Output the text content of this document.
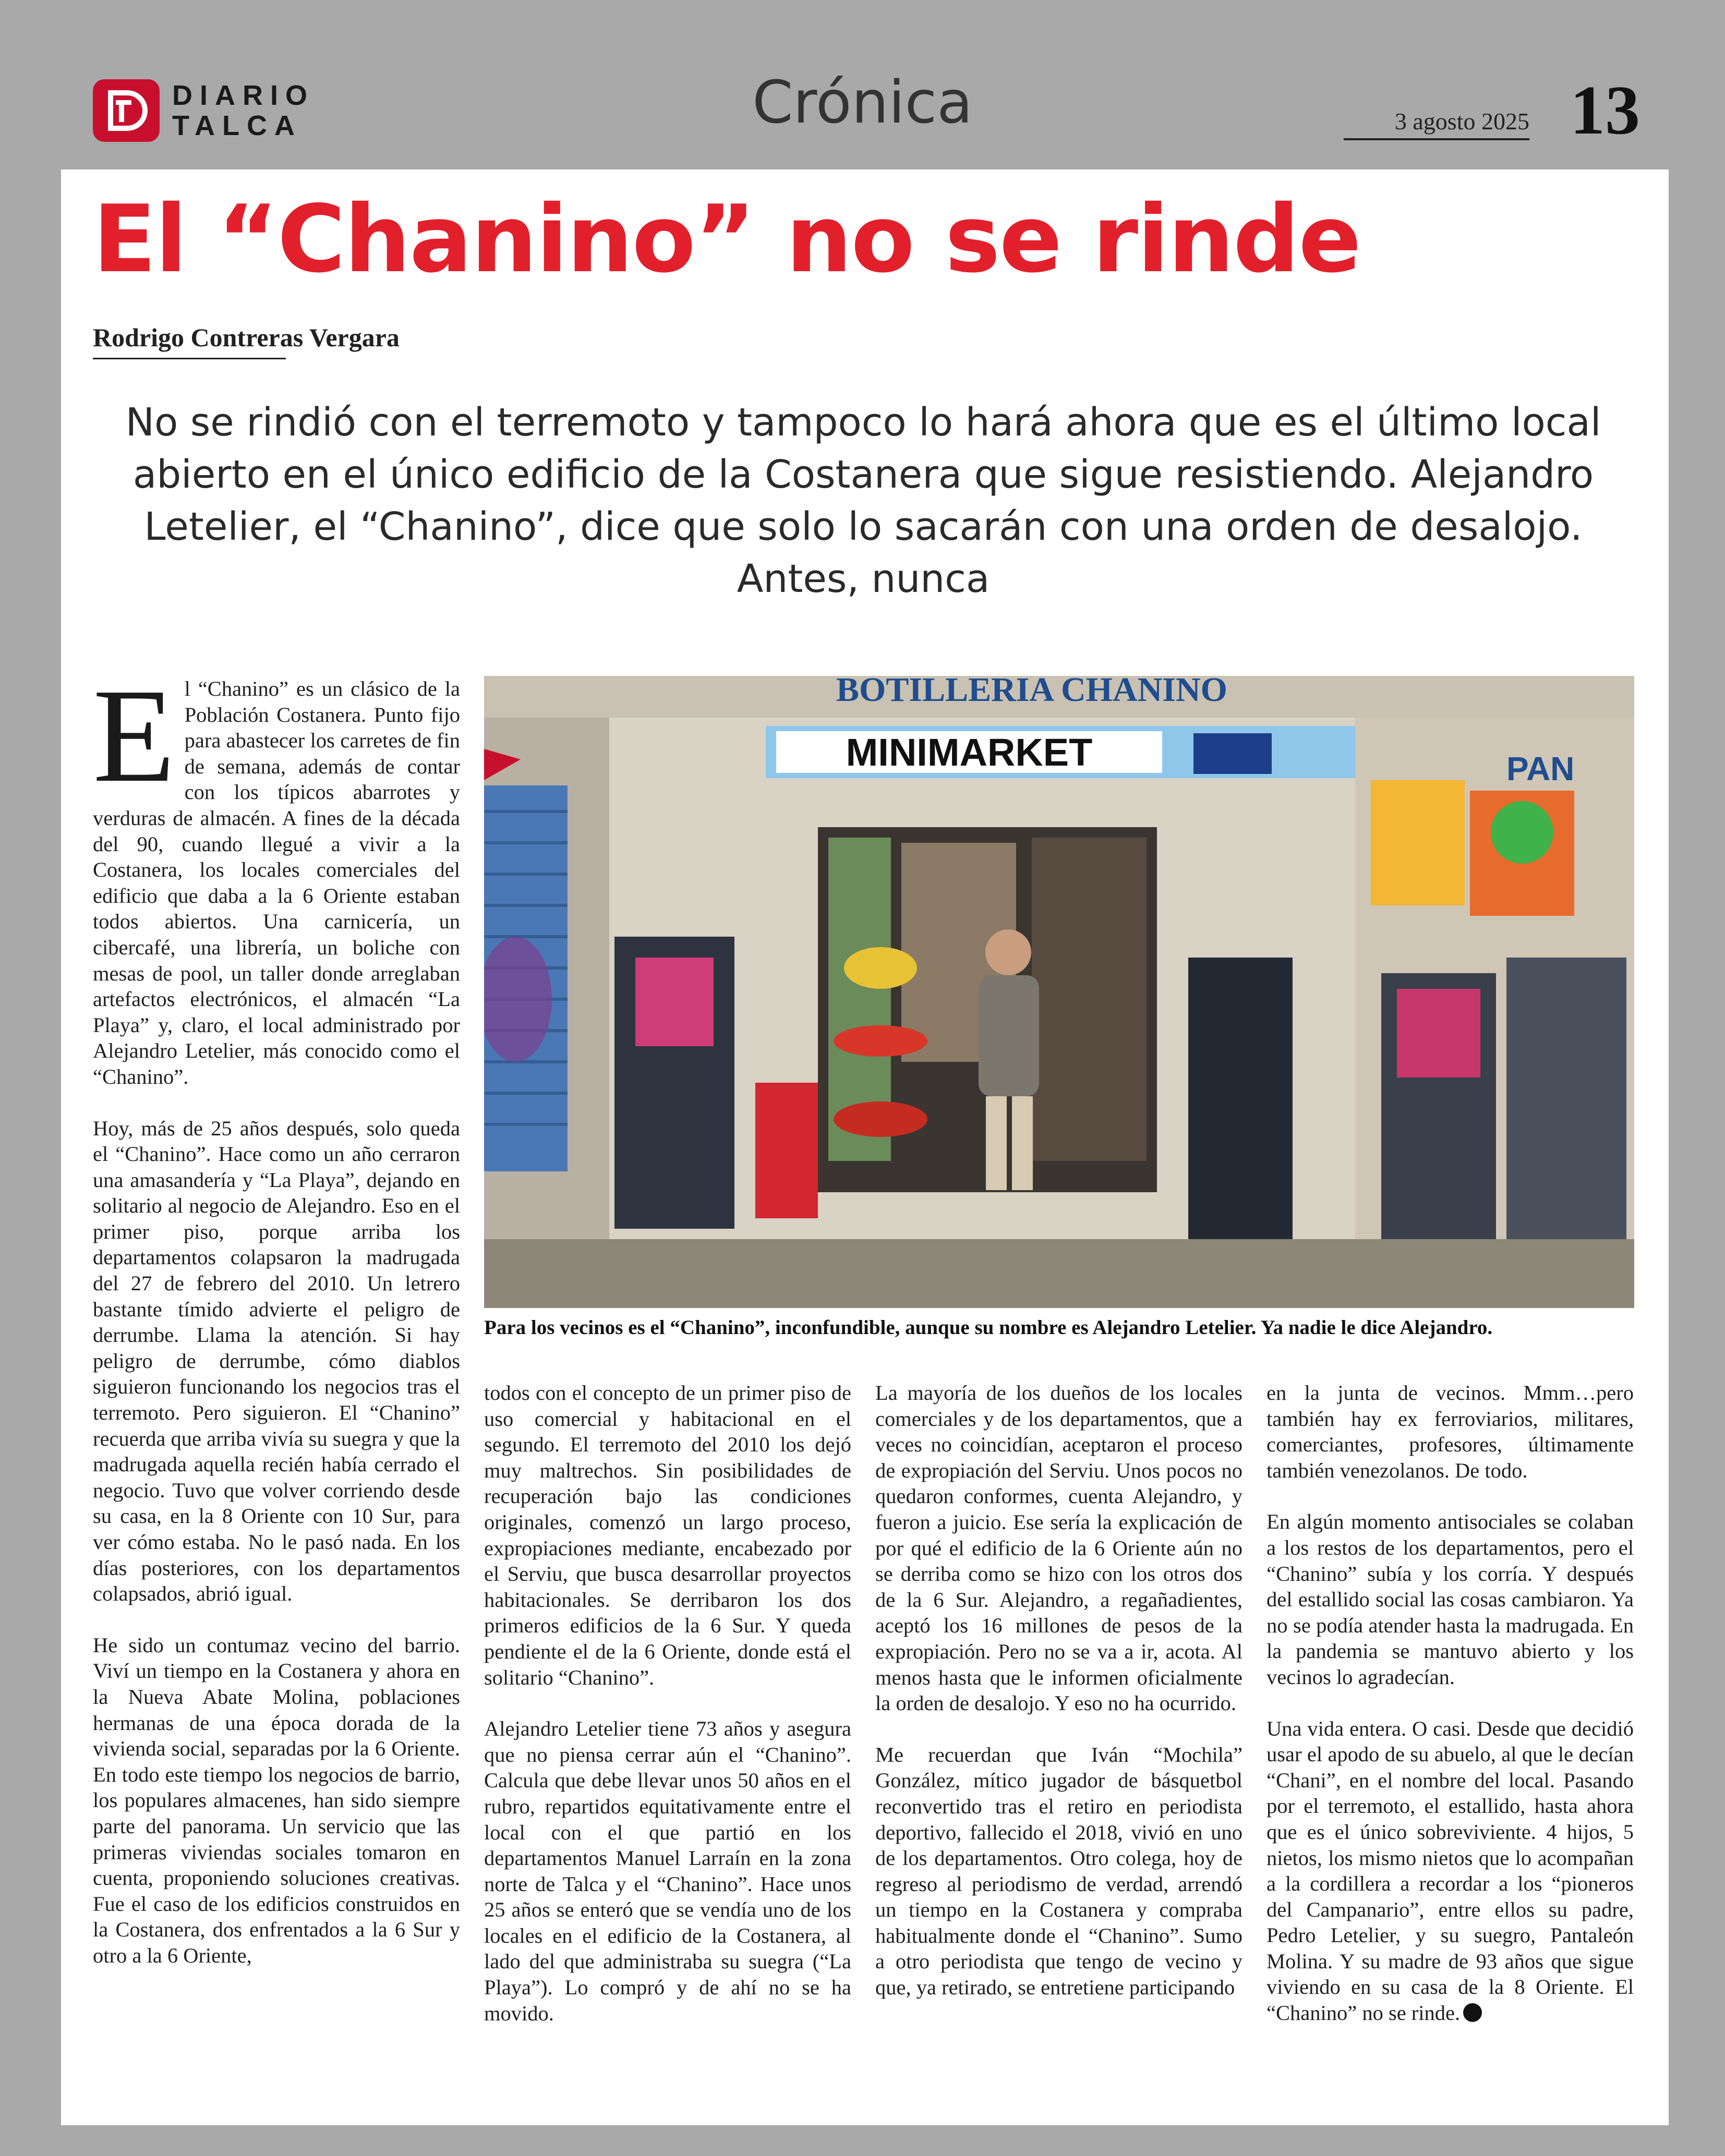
DIARIO
TALCA	Crónica	3 agosto 2025 13
El “Chanino” no se rinde
Rodrigo Contreras Vergara
No se rindió con el terremoto y tampoco lo hará ahora que es el último local abierto en el único edificio de la Costanera que sigue resistiendo. Alejandro Letelier, el “Chanino”, dice que solo lo sacarán con una orden de desalojo. Antes, nunca
BOTILLERIA CHANINO
MINIMARKET	PAN
Para los vecinos es el “Chanino”, inconfundible, aunque su nombre es Alejandro Letelier. Ya nadie le dice Alejandro.

El “Chanino” es un clásico de la Población Costanera. Punto fijo para abastecer los carretes de fin de semana, además de contar con los típicos abarrotes y verduras de almacén. A fines de la década del 90, cuando llegué a vivir a la Costanera, los locales comerciales del edificio que daba a la 6 Oriente estaban todos abiertos. Una carnicería, un cibercafé, una librería, un boliche con mesas de pool, un taller donde arreglaban artefactos electrónicos, el almacén “La Playa” y, claro, el local administrado por Alejandro Letelier, más conocido como el “Chanino”.

Hoy, más de 25 años después, solo queda el “Chanino”. Hace como un año cerraron una amasandería y “La Playa”, dejando en solitario al negocio de Alejandro. Eso en el primer piso, porque arriba los departamentos colapsaron la madrugada del 27 de febrero del 2010. Un letrero bastante tímido advierte el peligro de derrumbe. Llama la atención. Si hay peligro de derrumbe, cómo diablos siguieron funcionando los negocios tras el terremoto. Pero siguieron. El “Chanino” recuerda que arriba vivía su suegra y que la madrugada aquella recién había cerrado el negocio. Tuvo que volver corriendo desde su casa, en la 8 Oriente con 10 Sur, para ver cómo estaba. No le pasó nada. En los días posteriores, con los departamentos colapsados, abrió igual.

He sido un contumaz vecino del barrio. Viví un tiempo en la Costanera y ahora en la Nueva Abate Molina, poblaciones hermanas de una época dorada de la vivienda social, separadas por la 6 Oriente. En todo este tiempo los negocios de barrio, los populares almacenes, han sido siempre parte del panorama. Un servicio que las primeras viviendas sociales tomaron en cuenta, proponiendo soluciones creativas. Fue el caso de los edificios construidos en la Costanera, dos enfrentados a la 6 Sur y otro a la 6 Oriente,

todos con el concepto de un primer piso de uso comercial y habitacional en el segundo. El terremoto del 2010 los dejó muy maltrechos. Sin posibilidades de recuperación bajo las condiciones originales, comenzó un largo proceso, expropiaciones mediante, encabezado por el Serviu, que busca desarrollar proyectos habitacionales. Se derribaron los dos primeros edificios de la 6 Sur. Y queda pendiente el de la 6 Oriente, donde está el solitario “Chanino”.

Alejandro Letelier tiene 73 años y asegura que no piensa cerrar aún el “Chanino”. Calcula que debe llevar unos 50 años en el rubro, repartidos equitativamente entre el local con el que partió en los departamentos Manuel Larraín en la zona norte de Talca y el “Chanino”. Hace unos 25 años se enteró que se vendía uno de los locales en el edificio de la Costanera, al lado del que administraba su suegra (“La Playa”). Lo compró y de ahí no se ha movido.

La mayoría de los dueños de los locales comerciales y de los departamentos, que a veces no coincidían, aceptaron el proceso de expropiación del Serviu. Unos pocos no quedaron conformes, cuenta Alejandro, y fueron a juicio. Ese sería la explicación de por qué el edificio de la 6 Oriente aún no se derriba como se hizo con los otros dos de la 6 Sur. Alejandro, a regañadientes, aceptó los 16 millones de pesos de la expropiación. Pero no se va a ir, acota. Al menos hasta que le informen oficialmente la orden de desalojo. Y eso no ha ocurrido.

Me recuerdan que Iván “Mochila” González, mítico jugador de básquetbol reconvertido tras el retiro en periodista deportivo, fallecido el 2018, vivió en uno de los departamentos. Otro colega, hoy de regreso al periodismo de verdad, arrendó un tiempo en la Costanera y compraba habitualmente donde el “Chanino”. Sumo a otro periodista que tengo de vecino y que, ya retirado, se entretiene participando

en la junta de vecinos. Mmm…pero también hay ex ferroviarios, militares, comerciantes, profesores, últimamente también venezolanos. De todo.

En algún momento antisociales se colaban a los restos de los departamentos, pero el “Chanino” subía y los corría. Y después del estallido social las cosas cambiaron. Ya no se podía atender hasta la madrugada. En la pandemia se mantuvo abierto y los vecinos lo agradecían.

Una vida entera. O casi. Desde que decidió usar el apodo de su abuelo, al que le decían “Chani”, en el nombre del local. Pasando por el terremoto, el estallido, hasta ahora que es el único sobreviviente. 4 hijos, 5 nietos, los mismo nietos que lo acompañan a la cordillera a recordar a los “pioneros del Campanario”, entre ellos su padre, Pedro Letelier, y su suegro, Pantaleón Molina. Y su madre de 93 años que sigue viviendo en su casa de la 8 Oriente. El “Chanino” no se rinde.
